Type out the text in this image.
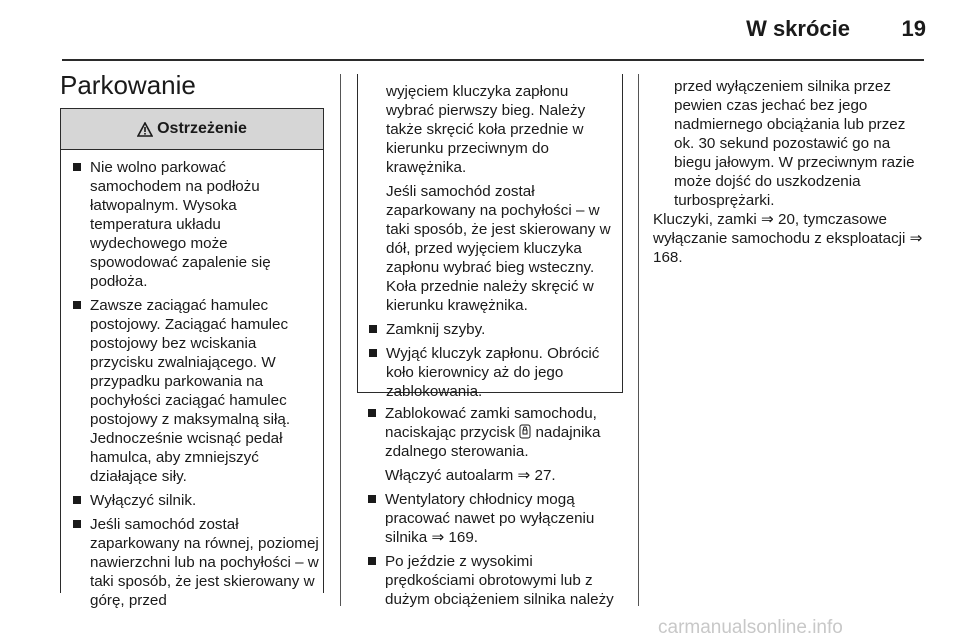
W skrócie	19
Parkowanie
Ostrzeżenie
Nie wolno parkować samochodem na podłożu łatwopalnym. Wysoka temperatura układu wydechowego może spowodować zapalenie się podłoża.
Zawsze zaciągać hamulec postojowy. Zaciągać hamulec postojowy bez wciskania przycisku zwalniającego. W przypadku parkowania na pochyłości zaciągać hamulec postojowy z maksymalną siłą. Jednocześnie wcisnąć pedał hamulca, aby zmniejszyć działające siły.
Wyłączyć silnik.
Jeśli samochód został zaparkowany na równej, poziomej nawierzchni lub na pochyłości – w taki sposób, że jest skierowany w górę, przed

wyjęciem kluczyka zapłonu wybrać pierwszy bieg. Należy także skręcić koła przednie w kierunku przeciwnym do krawężnika.

Jeśli samochód został zaparkowany na pochyłości – w taki sposób, że jest skierowany w dół, przed wyjęciem kluczyka zapłonu wybrać bieg wsteczny. Koła przednie należy skręcić w kierunku krawężnika.

Zamknij szyby.
Wyjąć kluczyk zapłonu. Obrócić koło kierownicy aż do jego zablokowania.
Zablokować zamki samochodu, naciskając przycisk nadajnika zdalnego sterowania.

Włączyć autoalarm ⇒ 27.

Wentylatory chłodnicy mogą pracować nawet po wyłączeniu silnika ⇒ 169.
Po jeździe z wysokimi prędkościami obrotowymi lub z dużym obciążeniem silnika należy

przed wyłączeniem silnika przez pewien czas jechać bez jego nadmiernego obciążania lub przez ok. 30 sekund pozostawić go na biegu jałowym. W przeciwnym razie może dojść do uszkodzenia turbosprężarki.

Kluczyki, zamki ⇒ 20, tymczasowe wyłączanie samochodu z eksploatacji ⇒ 168.

carmanualsonline.info
